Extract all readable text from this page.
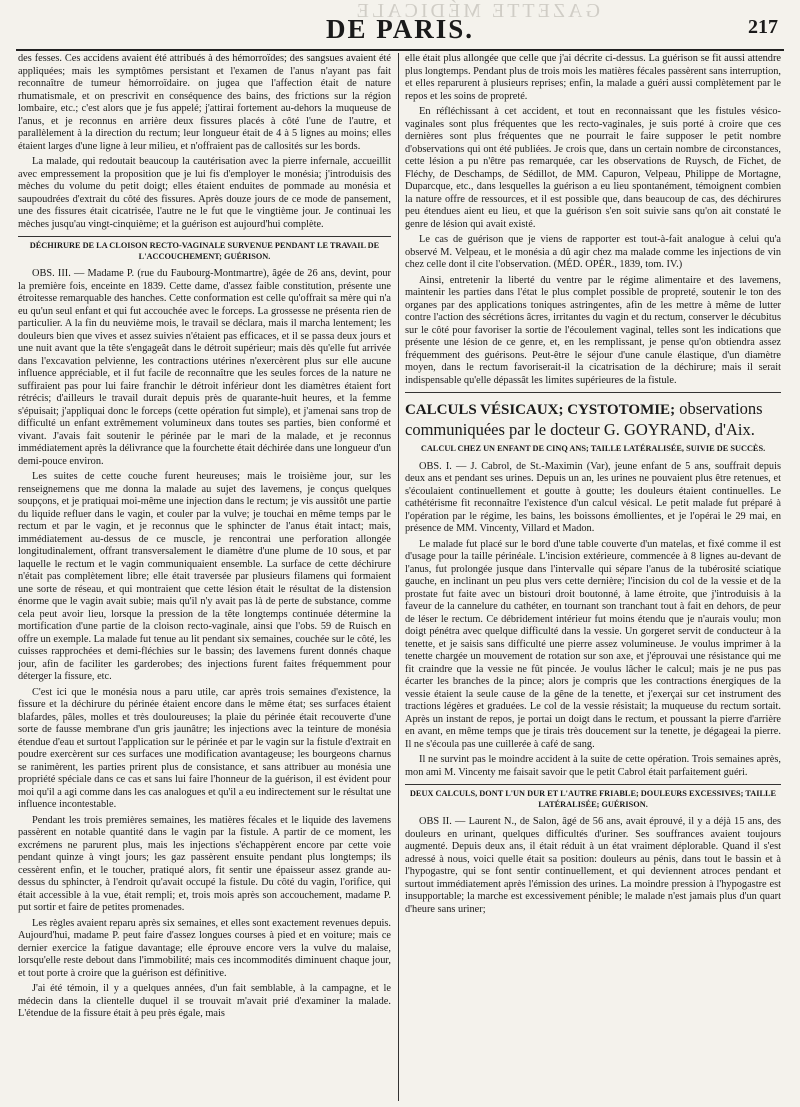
GAZETTE MÉDICALE
DE PARIS.	217

des fesses. Ces accidens avaient été attribués à des hémorroïdes; des sangsues avaient été appliquées; mais les symptômes persistant et l'examen de l'anus n'ayant pas fait reconnaître de tumeur hémorroïdaire. on jugea que l'affection était de nature rhumatismale, et on prescrivit en conséquence des bains, des frictions sur la région lombaire, etc.; c'est alors que je fus appelé; j'attirai fortement au-dehors la muqueuse de l'anus, et je reconnus en arrière deux fissures placés à côté l'une de l'autre, et parallèlement à la direction du rectum; leur longueur était de 4 à 5 lignes au moins; elles étaient larges d'une ligne à leur milieu, et n'offraient pas de callosités sur les bords.

La malade, qui redoutait beaucoup la cautérisation avec la pierre infernale, accueillit avec empressement la proposition que je lui fis d'employer le monésia; j'introduisis des mèches du volume du petit doigt; elles étaient enduites de pommade au monésia et saupoudrées d'extrait du côté des fissures. Après douze jours de ce mode de pansement, une des fissures était cicatrisée, l'autre ne le fut que le vingtième jour. Je continuai les mèches jusqu'au vingt-cinquième; et la guérison est aujourd'hui complète.

DÉCHIRURE DE LA CLOISON RECTO-VAGINALE SURVENUE PENDANT LE TRAVAIL DE L'ACCOUCHEMENT; GUÉRISON.

OBS. III. — Madame P. (rue du Faubourg-Montmartre), âgée de 26 ans, devint, pour la première fois, enceinte en 1839. Cette dame, d'assez faible constitution, présente une étroitesse remarquable des hanches. Cette conformation est celle qu'offrait sa mère qui n'a eu qu'un seul enfant et qui fut accouchée avec le forceps. La grossesse ne présenta rien de particulier. A la fin du neuvième mois, le travail se déclara, mais il marcha lentement; les douleurs bien que vives et assez suivies n'étaient pas efficaces, et il se passa deux jours et une nuit avant que la tête s'engageât dans le détroit supérieur; mais dès qu'elle fut arrivée dans l'excavation pelvienne, les contractions utérines n'exercèrent plus sur elle aucune influence appréciable, et il fut facile de reconnaître que les seules forces de la nature ne suffiraient pas pour lui faire franchir le détroit inférieur dont les diamètres étaient fort rétrécis; d'ailleurs le travail durait depuis près de quarante-huit heures, et la femme s'épuisait; j'appliquai donc le forceps (cette opération fut simple), et j'amenai sans trop de difficulté un enfant extrêmement volumineux dans toutes ses parties, bien conformé et vivant. J'avais fait soutenir le périnée par le mari de la malade, et je reconnus immédiatement après la délivrance que la fourchette était déchirée dans une longueur d'un demi-pouce environ.

Les suites de cette couche furent heureuses; mais le troisième jour, sur les renseignemens que me donna la malade au sujet des lavemens, je conçus quelques soupçons, et je pratiquai moi-même une injection dans le rectum; je vis aussitôt une partie du liquide refluer dans le vagin, et couler par la vulve; je touchai en même temps par le rectum et par le vagin, et je reconnus que le sphincter de l'anus était intact; mais, immédiatement au-dessus de ce muscle, je rencontrai une perforation allongée longitudinalement, offrant transversalement le diamètre d'une plume de 10 sous, et par laquelle le rectum et le vagin communiquaient ensemble. La surface de cette déchirure n'était pas complètement libre; elle était traversée par plusieurs filamens qui formaient une sorte de réseau, et qui montraient que cette lésion était le résultat de la distension énorme que le vagin avait subie; mais qu'il n'y avait pas là de perte de substance, comme cela peut avoir lieu, lorsque la pression de la tête longtemps continuée détermine la mortification d'une partie de la cloison recto-vaginale, ainsi que l'obs. 59 de Ruisch en offre un exemple. La malade fut tenue au lit pendant six semaines, couchée sur le côté, les cuisses rapprochées et demi-fléchies sur le bassin; des lavemens furent donnés chaque jour, afin de faciliter les garderobes; des injections furent faites fréquemment pour déterger la fissure, etc.

C'est ici que le monésia nous a paru utile, car après trois semaines d'existence, la fissure et la déchirure du périnée étaient encore dans le même état; ses surfaces étaient blafardes, pâles, molles et très douloureuses; la plaie du périnée était recouverte d'une sorte de fausse membrane d'un gris jaunâtre; les injections avec la teinture de monésia étendue d'eau et surtout l'application sur le périnée et par le vagin sur la fistule d'extrait en poudre exercèrent sur ces surfaces une modification avantageuse; les bourgeons charnus se ranimèrent, les parties prirent plus de consistance, et sans attribuer au monésia une propriété spéciale dans ce cas et sans lui faire l'honneur de la guérison, il est évident pour moi qu'il a agi comme dans les cas analogues et qu'il a eu indirectement sur le résultat une influence incontestable.

Pendant les trois premières semaines, les matières fécales et le liquide des lavemens passèrent en notable quantité dans le vagin par la fistule. A partir de ce moment, les excrémens ne parurent plus, mais les injections s'échappèrent encore par cette voie pendant quinze à vingt jours; les gaz passèrent ensuite pendant plus longtemps; ils cessèrent enfin, et le toucher, pratiqué alors, fit sentir une épaisseur assez grande au-dessus du sphincter, à l'endroit qu'avait occupé la fistule. Du côté du vagin, l'orifice, qui était accessible à la vue, était rempli; et, trois mois après son accouchement, madame P. put sortir et faire de petites promenades.

Les règles avaient reparu après six semaines, et elles sont exactement revenues depuis. Aujourd'hui, madame P. peut faire d'assez longues courses à pied et en voiture; mais ce dernier exercice la fatigue davantage; elle éprouve encore vers la vulve du malaise, lorsqu'elle reste debout dans l'immobilité; mais ces incommodités diminuent chaque jour, et tout porte à croire que la guérison est définitive.

J'ai été témoin, il y a quelques années, d'un fait semblable, à la campagne, et le médecin dans la clientelle duquel il se trouvait m'avait prié d'examiner la malade. L'étendue de la fissure était à peu près égale, mais

elle était plus allongée que celle que j'ai décrite ci-dessus. La guérison se fit aussi attendre plus longtemps. Pendant plus de trois mois les matières fécales passèrent sans interruption, et elles reparurent à plusieurs reprises; enfin, la malade a guéri aussi complètement par le repos et les soins de propreté.

En réfléchissant à cet accident, et tout en reconnaissant que les fistules vésico-vaginales sont plus fréquentes que les recto-vaginales, je suis porté à croire que ces dernières sont plus fréquentes que ne pourrait le faire supposer le petit nombre d'observations qui ont été publiées. Je crois que, dans un certain nombre de circonstances, cette lésion a pu n'être pas remarquée, car les observations de Ruysch, de Fichet, de Fléchy, de Deschamps, de Sédillot, de MM. Capuron, Velpeau, Philippe de Mortagne, Duparcque, etc., dans lesquelles la guérison a eu lieu spontanément, témoignent combien la nature offre de ressources, et il est possible que, dans beaucoup de cas, des déchirures peu étendues aient eu lieu, et que la guérison s'en soit suivie sans qu'on ait constaté le genre de lésion qui avait existé.

Le cas de guérison que je viens de rapporter est tout-à-fait analogue à celui qu'a observé M. Velpeau, et le monésia a dû agir chez ma malade comme les injections de vin chez celle dont il cite l'observation. (MÉD. OPÉR., 1839, tom. IV.)

Ainsi, entretenir la liberté du ventre par le régime alimentaire et des lavemens, maintenir les parties dans l'état le plus complet possible de propreté, soutenir le ton des organes par des applications toniques astringentes, afin de les mettre à même de lutter contre l'action des sécrétions âcres, irritantes du vagin et du rectum, conserver le décubitus sur le côté pour favoriser la sortie de l'écoulement vaginal, telles sont les indications que présente une lésion de ce genre, et, en les remplissant, je pense qu'on obtiendra assez fréquemment des guérisons. Peut-être le séjour d'une canule élastique, d'un diamètre moyen, dans le rectum favoriserait-il la cicatrisation de la déchirure; mais il serait indispensable qu'elle dépassât les limites supérieures de la fistule.

CALCULS VÉSICAUX; CYSTOTOMIE; observations communiquées par le docteur G. GOYRAND, d'Aix.
CALCUL CHEZ UN ENFANT DE CINQ ANS; TAILLE LATÉRALISÉE, SUIVIE DE SUCCÈS.

OBS. I. — J. Cabrol, de St.-Maximin (Var), jeune enfant de 5 ans, souffrait depuis deux ans et pendant ses urines. Depuis un an, les urines ne pouvaient plus être retenues, et s'écoulaient continuellement et goutte à goutte; les douleurs étaient continuelles. Le cathétérisme fit reconnaître l'existence d'un calcul vésical. Le petit malade fut préparé à l'opération par le régime, les bains, les boissons émollientes, et je l'opérai le 29 mai, en présence de MM. Vincenty, Villard et Madon.

Le malade fut placé sur le bord d'une table couverte d'un matelas, et fixé comme il est d'usage pour la taille périnéale. L'incision extérieure, commencée à 8 lignes au-devant de l'anus, fut prolongée jusque dans l'intervalle qui sépare l'anus de la tubérosité sciatique gauche, en inclinant un peu plus vers cette dernière; l'incision du col de la vessie et de la prostate fut faite avec un bistouri droit boutonné, à lame étroite, que j'introduisis à la faveur de la cannelure du cathéter, en tournant son tranchant tout à fait en dehors, de peur de léser le rectum. Ce débridement intérieur fut moins étendu que je n'aurais voulu; mon doigt pénétra avec quelque difficulté dans la vessie. Un gorgeret servit de conducteur à la tenette, et je saisis sans difficulté une pierre assez volumineuse. Je voulus imprimer à la tenette chargée un mouvement de rotation sur son axe, et j'éprouvai une résistance qui me fit craindre que la vessie ne fût pincée. Je voulus lâcher le calcul; mais je ne pus pas écarter les branches de la pince; alors je compris que les contractions énergiques de la vessie étaient la seule cause de la gêne de la tenette, et j'exerçai sur cet instrument des tractions légères et graduées. Le col de la vessie résistait; la muqueuse du rectum sortait. Après un instant de repos, je portai un doigt dans le rectum, et poussant la pierre d'arrière en avant, en même temps que je tirais très doucement sur la tenette, je dégageai la pierre. Il ne s'écoula pas une cuillerée à café de sang.

Il ne survint pas le moindre accident à la suite de cette opération. Trois semaines après, mon ami M. Vincenty me faisait savoir que le petit Cabrol était parfaitement guéri.

DEUX CALCULS, DONT L'UN DUR ET L'AUTRE FRIABLE; DOULEURS EXCESSIVES; TAILLE LATÉRALISÉE; GUÉRISON.

OBS II. — Laurent N., de Salon, âgé de 56 ans, avait éprouvé, il y a déjà 15 ans, des douleurs en urinant, quelques difficultés d'uriner. Ses souffrances avaient toujours augmenté. Depuis deux ans, il était réduit à un état vraiment déplorable. Quand il s'est adressé à nous, voici quelle était sa position: douleurs au pénis, dans tout le bassin et à l'hypogastre, qui se font sentir continuellement, et qui deviennent atroces pendant et surtout immédiatement après l'émission des urines. La moindre pression à l'hypogastre est insupportable; la marche est excessivement pénible; le malade n'est jamais plus d'un quart d'heure sans uriner;
